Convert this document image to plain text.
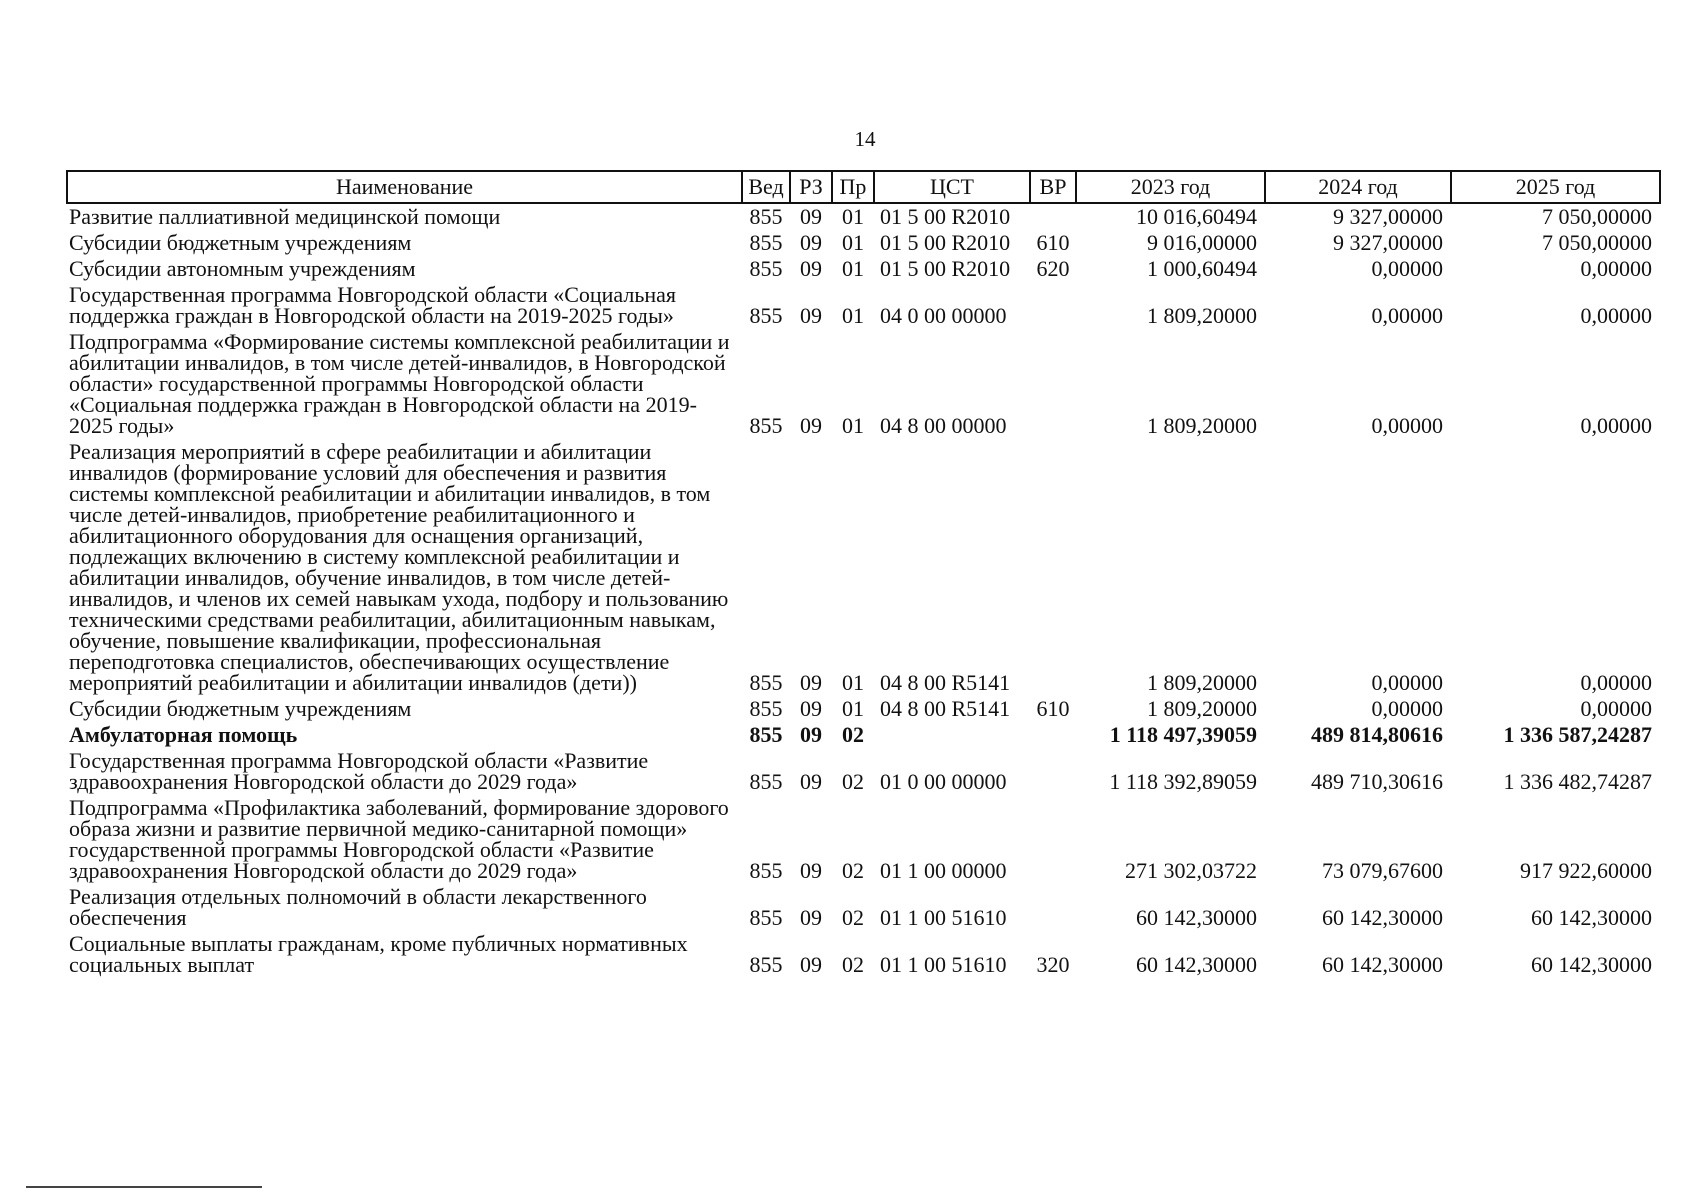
14
Наименование	Вед	РЗ	Пр	ЦСТ	ВР	2023 год	2024 год	2025 год
Развитие паллиативной медицинской помощи	855	09	01	01 5 00 R2010		10 016,60494	9 327,00000	7 050,00000
Субсидии бюджетным учреждениям	855	09	01	01 5 00 R2010	610	9 016,00000	9 327,00000	7 050,00000
Субсидии автономным учреждениям	855	09	01	01 5 00 R2010	620	1 000,60494	0,00000	0,00000
Государственная программа Новгородской области «Социальная поддержка граждан в Новгородской области на 2019-2025 годы»	855	09	01	04 0 00 00000		1 809,20000	0,00000	0,00000
Подпрограмма «Формирование системы комплексной реабилитации и абилитации инвалидов, в том числе детей-инвалидов, в Новгородской области» государственной программы Новгородской области «Социальная поддержка граждан в Новгородской области на 2019-2025 годы»	855	09	01	04 8 00 00000		1 809,20000	0,00000	0,00000
Реализация мероприятий в сфере реабилитации и абилитации инвалидов (формирование условий для обеспечения и развития системы комплексной реабилитации и абилитации инвалидов, в том числе детей-инвалидов, приобретение реабилитационного и абилитационного оборудования для оснащения организаций, подлежащих включению в систему комплексной реабилитации и абилитации инвалидов, обучение инвалидов, в том числе детей-инвалидов, и членов их семей навыкам ухода, подбору и пользованию техническими средствами реабилитации, абилитационным навыкам, обучение, повышение квалификации, профессиональная переподготовка специалистов, обеспечивающих осуществление мероприятий реабилитации и абилитации инвалидов (дети))	855	09	01	04 8 00 R5141		1 809,20000	0,00000	0,00000
Субсидии бюджетным учреждениям	855	09	01	04 8 00 R5141	610	1 809,20000	0,00000	0,00000
Амбулаторная помощь	855	09	02			1 118 497,39059	489 814,80616	1 336 587,24287
Государственная программа Новгородской области «Развитие здравоохранения Новгородской области до 2029 года»	855	09	02	01 0 00 00000		1 118 392,89059	489 710,30616	1 336 482,74287
Подпрограмма «Профилактика заболеваний, формирование здорового образа жизни и развитие первичной медико-санитарной помощи» государственной программы Новгородской области «Развитие здравоохранения Новгородской области до 2029 года»	855	09	02	01 1 00 00000		271 302,03722	73 079,67600	917 922,60000
Реализация отдельных полномочий в области лекарственного обеспечения	855	09	02	01 1 00 51610		60 142,30000	60 142,30000	60 142,30000
Социальные выплаты гражданам, кроме публичных нормативных социальных выплат	855	09	02	01 1 00 51610	320	60 142,30000	60 142,30000	60 142,30000
